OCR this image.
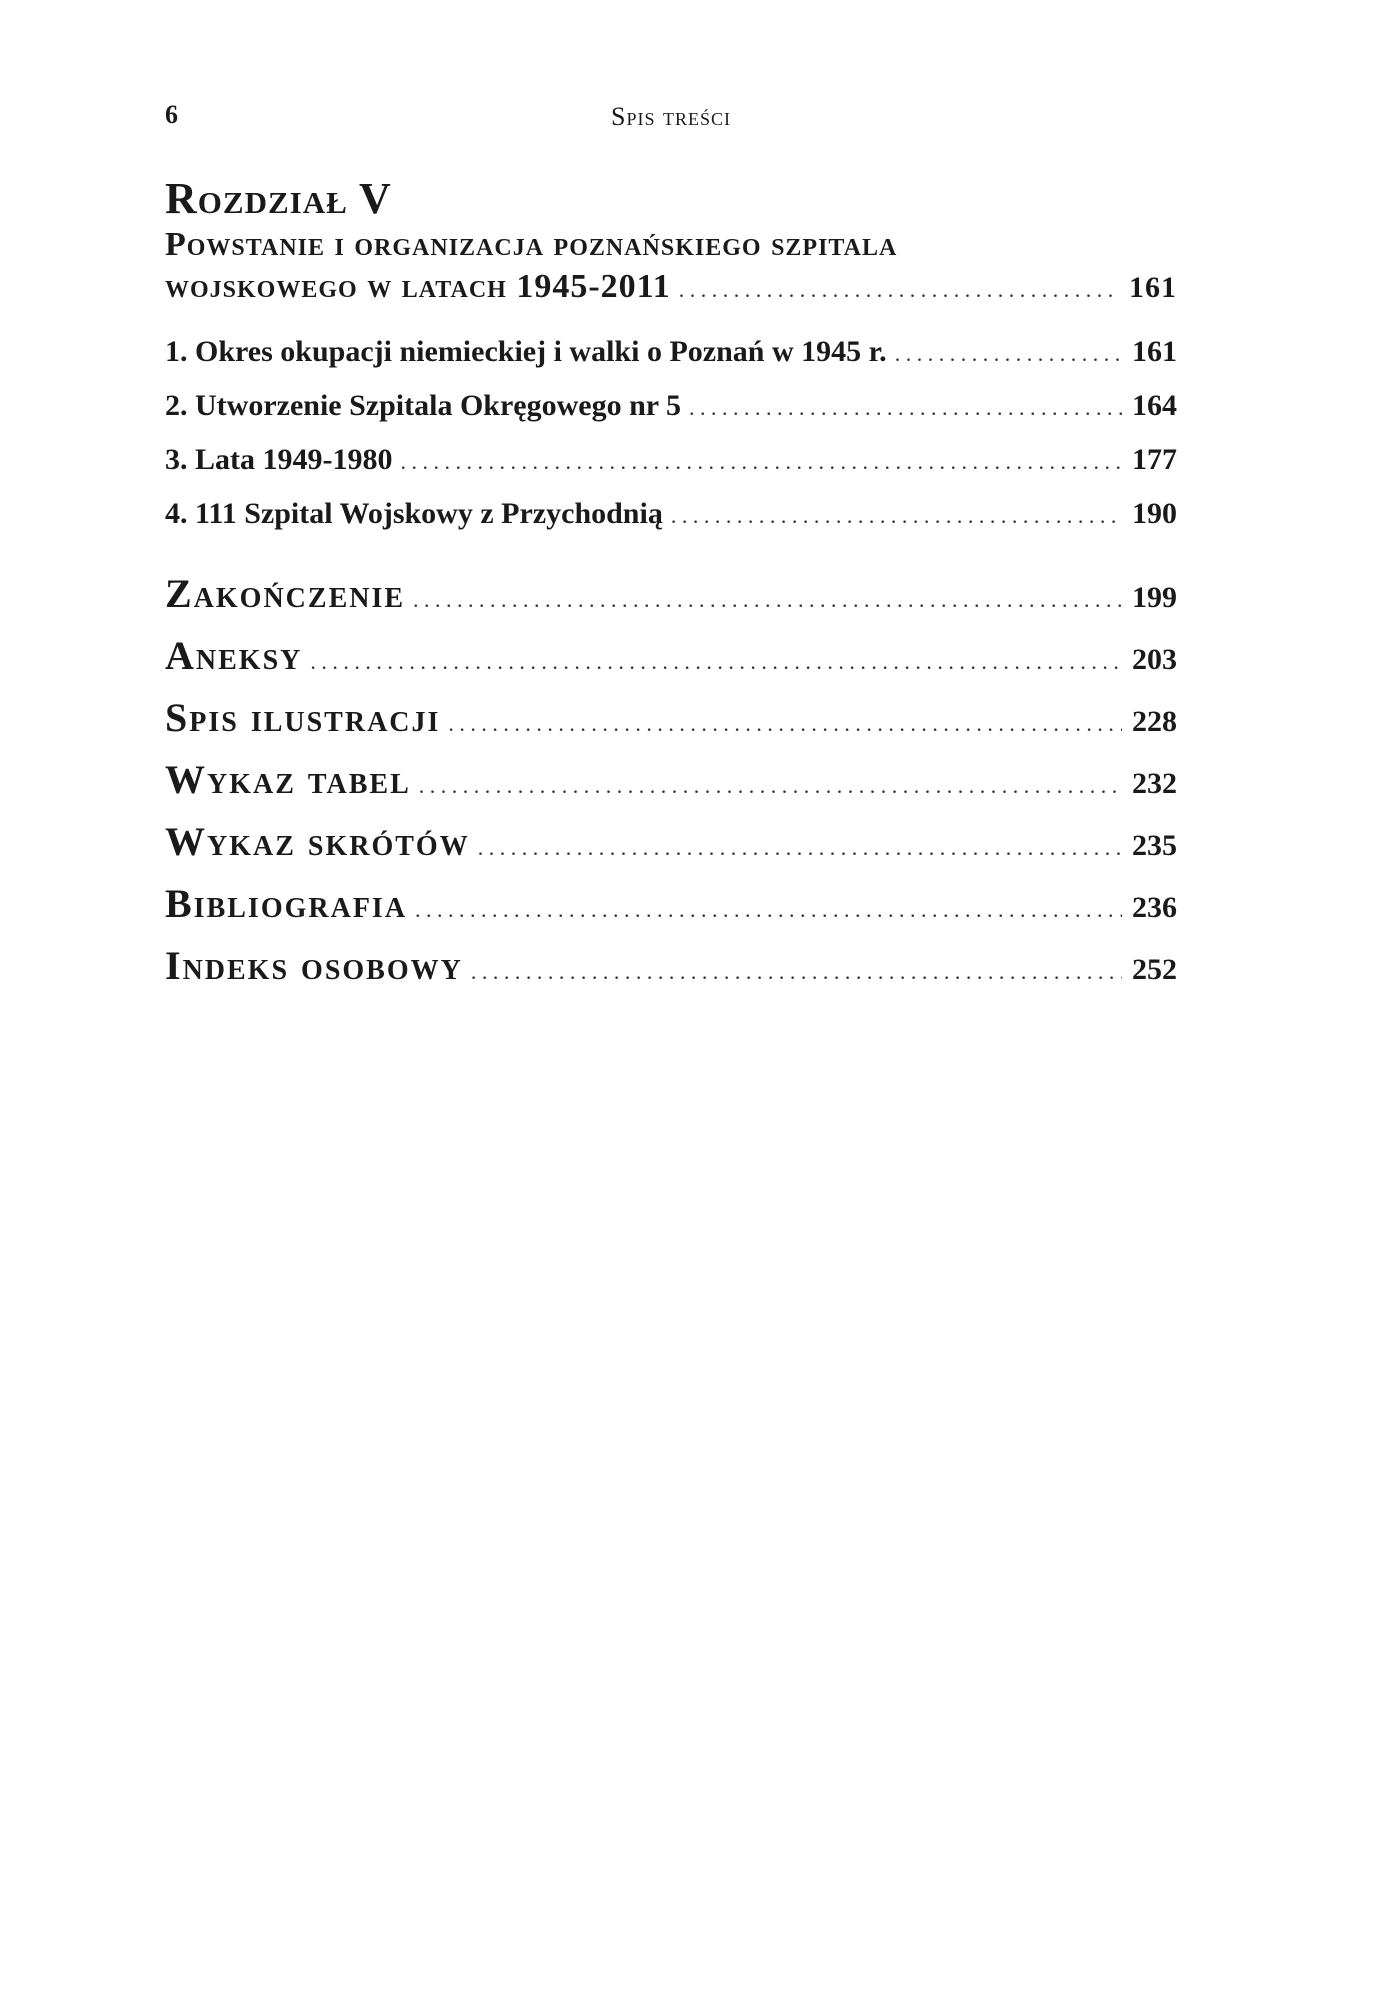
6	Spis treści
Rozdział V
Powstanie i organizacja poznańskiego szpitala
wojskowego w latach 1945-2011 . . .	161
1. Okres okupacji niemieckiej i walki o Poznań w 1945 r. . . .	161
2. Utworzenie Szpitala Okręgowego nr 5 . . .	164
3. Lata 1949-1980 . . .	177
4. 111 Szpital Wojskowy z Przychodnią . . .	190
Zakończenie . . .	199
Aneksy . . .	203
Spis ilustracji . . .	228
Wykaz tabel . . .	232
Wykaz skrótów . . .	235
Bibliografia . . .	236
Indeks osobowy . . .	252
